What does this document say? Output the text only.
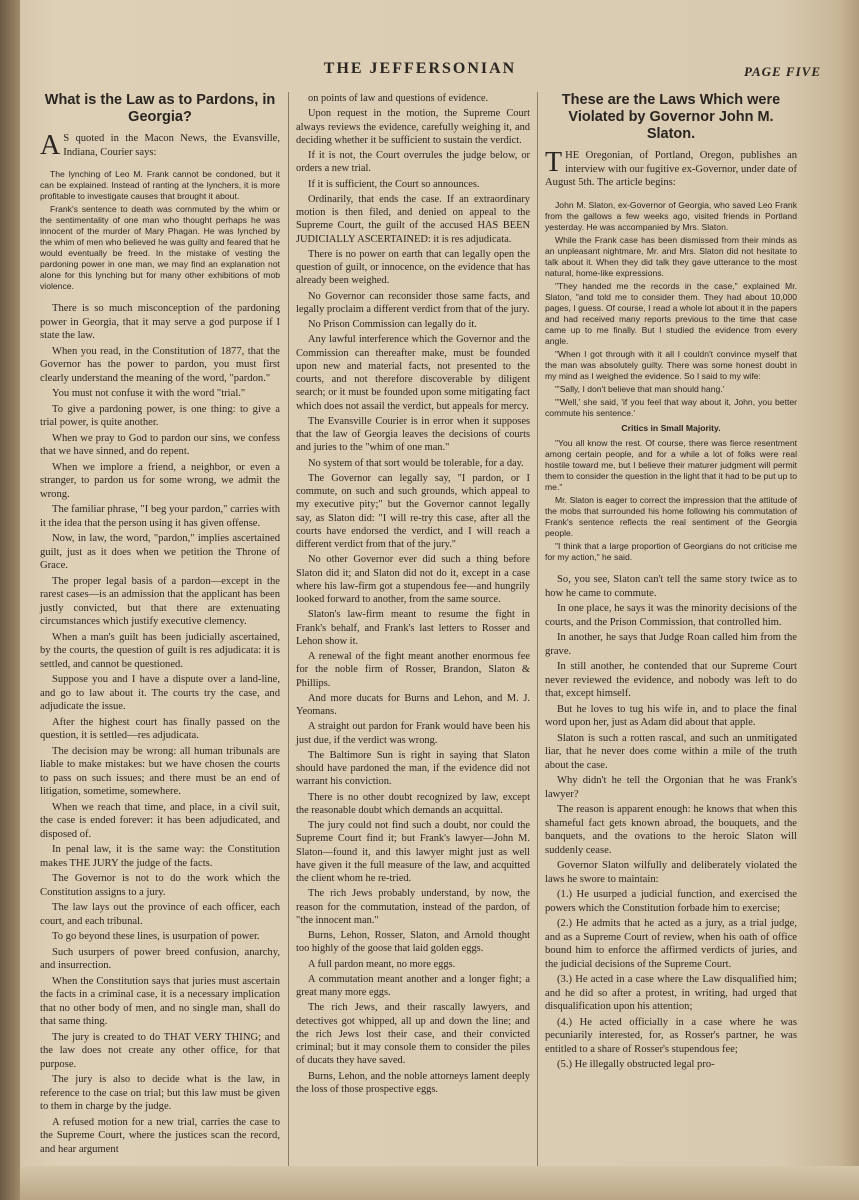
THE JEFFERSONIAN	PAGE FIVE
What is the Law as to Pardons, in Georgia?

A S quoted in the Macon News, the Evansville, Indiana, Courier says:

The lynching of Leo M. Frank cannot be condoned, but it can be explained. Instead of ranting at the lynchers, it is more profitable to investigate causes that brought it about.

Frank's sentence to death was commuted by the whim or the sentimentality of one man who thought perhaps he was innocent of the murder of Mary Phagan. He was lynched by the whim of men who believed he was guilty and feared that he would eventually be freed. In the mistake of vesting the pardoning power in one man, we may find an explanation not alone for this lynching but for many other exhibitions of mob violence.

There is so much misconception of the pardoning power in Georgia, that it may serve a god purpose if I state the law.

When you read, in the Constitution of 1877, that the Governor has the power to pardon, you must first clearly understand the meaning of the word, "pardon."

You must not confuse it with the word "trial."

To give a pardoning power, is one thing: to give a trial power, is quite another.

When we pray to God to pardon our sins, we confess that we have sinned, and do repent.

When we implore a friend, a neighbor, or even a stranger, to pardon us for some wrong, we admit the wrong.

The familiar phrase, "I beg your pardon," carries with it the idea that the person using it has given offense.

Now, in law, the word, "pardon," implies ascertained guilt, just as it does when we petition the Throne of Grace.

The proper legal basis of a pardon—except in the rarest cases—is an admission that the applicant has been justly convicted, but that there are extenuating circumstances which justify executive clemency.

When a man's guilt has been judicially ascertained, by the courts, the question of guilt is res adjudicata: it is settled, and cannot be questioned.

Suppose you and I have a dispute over a land-line, and go to law about it. The courts try the case, and adjudicate the issue.

After the highest court has finally passed on the question, it is settled—res adjudicata.

The decision may be wrong: all human tribunals are liable to make mistakes: but we have chosen the courts to pass on such issues; and there must be an end of litigation, sometime, somewhere.

When we reach that time, and place, in a civil suit, the case is ended forever: it has been adjudicated, and disposed of.

In penal law, it is the same way: the Constitution makes THE JURY the judge of the facts.

The Governor is not to do the work which the Constitution assigns to a jury.

The law lays out the province of each officer, each court, and each tribunal.

To go beyond these lines, is usurpation of power.

Such usurpers of power breed confusion, anarchy, and insurrection.

When the Constitution says that juries must ascertain the facts in a criminal case, it is a necessary implication that no other body of men, and no single man, shall do that same thing.

The jury is created to do THAT VERY THING; and the law does not create any other office, for that purpose.

The jury is also to decide what is the law, in reference to the case on trial; but this law must be given to them in charge by the judge.

A refused motion for a new trial, carries the case to the Supreme Court, where the justices scan the record, and hear argument

on points of law and questions of evidence.

Upon request in the motion, the Supreme Court always reviews the evidence, carefully weighing it, and deciding whether it be sufficient to sustain the verdict.

If it is not, the Court overrules the judge below, or orders a new trial.

If it is sufficient, the Court so announces.

Ordinarily, that ends the case. If an extraordinary motion is then filed, and denied on appeal to the Supreme Court, the guilt of the accused HAS BEEN JUDICIALLY ASCERTAINED: it is res adjudicata.

There is no power on earth that can legally open the question of guilt, or innocence, on the evidence that has already been weighed.

No Governor can reconsider those same facts, and legally proclaim a different verdict from that of the jury.

No Prison Commission can legally do it.

Any lawful interference which the Governor and the Commission can thereafter make, must be founded upon new and material facts, not presented to the courts, and not therefore discoverable by diligent search; or it must be founded upon some mitigating fact which does not assail the verdict, but appeals for mercy.

The Evansville Courier is in error when it supposes that the law of Georgia leaves the decisions of courts and juries to the "whim of one man."

No system of that sort would be tolerable, for a day.

The Governor can legally say, "I pardon, or I commute, on such and such grounds, which appeal to my executive pity;" but the Governor cannot legally say, as Slaton did: "I will re-try this case, after all the courts have endorsed the verdict, and I will reach a different verdict from that of the jury."

No other Governor ever did such a thing before Slaton did it; and Slaton did not do it, except in a case where his law-firm got a stupendous fee—and hungrily looked forward to another, from the same source.

Slaton's law-firm meant to resume the fight in Frank's behalf, and Frank's last letters to Rosser and Lehon show it.

A renewal of the fight meant another enormous fee for the noble firm of Rosser, Brandon, Slaton & Phillips.

And more ducats for Burns and Lehon, and M. J. Yeomans.

A straight out pardon for Frank would have been his just due, if the verdict was wrong.

The Baltimore Sun is right in saying that Slaton should have pardoned the man, if the evidence did not warrant his conviction.

There is no other doubt recognized by law, except the reasonable doubt which demands an acquittal.

The jury could not find such a doubt, nor could the Supreme Court find it; but Frank's lawyer—John M. Slaton—found it, and this lawyer might just as well have given it the full measure of the law, and acquitted the client whom he re-tried.

The rich Jews probably understand, by now, the reason for the commutation, instead of the pardon, of "the innocent man."

Burns, Lehon, Rosser, Slaton, and Arnold thought too highly of the goose that laid golden eggs.

A full pardon meant, no more eggs.

A commutation meant another and a longer fight; a great many more eggs.

The rich Jews, and their rascally lawyers, and detectives got whipped, all up and down the line; and the rich Jews lost their case, and their convicted criminal; but it may console them to consider the piles of ducats they have saved.

Burns, Lehon, and the noble attorneys lament deeply the loss of those prospective eggs.

These are the Laws Which were Violated by Governor John M. Slaton.

THE Oregonian, of Portland, Oregon, publishes an interview with our fugitive ex-Governor, under date of August 5th. The article begins:

John M. Slaton, ex-Governor of Georgia, who saved Leo Frank from the gallows a few weeks ago, visited friends in Portland yesterday. He was accompanied by Mrs. Slaton.

While the Frank case has been dismissed from their minds as an unpleasant nightmare, Mr. and Mrs. Slaton did not hesitate to talk about it. When they did talk they gave utterance to the most natural, home-like expressions.

"They handed me the records in the case," explained Mr. Slaton, "and told me to consider them. They had about 10,000 pages, I guess. Of course, I read a whole lot about it in the papers and had received many reports previous to the time that case came up to me finally. But I studied the evidence from every angle.

"When I got through with it all I couldn't convince myself that the man was absolutely guilty. There was some honest doubt in my mind as I weighed the evidence. So I said to my wife:

"'Sally, I don't believe that man should hang.'

"'Well,' she said, 'if you feel that way about it, John, you better commute his sentence.'

Critics in Small Majority.

"You all know the rest. Of course, there was fierce resentment among certain people, and for a while a lot of folks were real hostile toward me, but I believe their maturer judgment will permit them to consider the question in the light that it had to be put up to me."

Mr. Slaton is eager to correct the impression that the attitude of the mobs that surrounded his home following his commutation of Frank's sentence reflects the real sentiment of the Georgia people.

"I think that a large proportion of Georgians do not criticise me for my action," he said.

So, you see, Slaton can't tell the same story twice as to how he came to commute.

In one place, he says it was the minority decisions of the courts, and the Prison Commission, that controlled him.

In another, he says that Judge Roan called him from the grave.

In still another, he contended that our Supreme Court never reviewed the evidence, and nobody was left to do that, except himself.

But he loves to tug his wife in, and to place the final word upon her, just as Adam did about that apple.

Slaton is such a rotten rascal, and such an unmitigated liar, that he never does come within a mile of the truth about the case.

Why didn't he tell the Orgonian that he was Frank's lawyer?

The reason is apparent enough: he knows that when this shameful fact gets known abroad, the bouquets, and the banquets, and the ovations to the heroic Slaton will suddenly cease.

Governor Slaton wilfully and deliberately violated the laws he swore to maintain:

(1.) He usurped a judicial function, and exercised the powers which the Constitution forbade him to exercise;

(2.) He admits that he acted as a jury, as a trial judge, and as a Supreme Court of review, when his oath of office bound him to enforce the affirmed verdicts of juries, and the judicial decisions of the Supreme Court.

(3.) He acted in a case where the Law disqualified him; and he did so after a protest, in writing, had urged that disqualification upon his attention;

(4.) He acted officially in a case where he was pecuniarily interested, for, as Rosser's partner, he was entitled to a share of Rosser's stupendous fee;

(5.) He illegally obstructed legal pro-
